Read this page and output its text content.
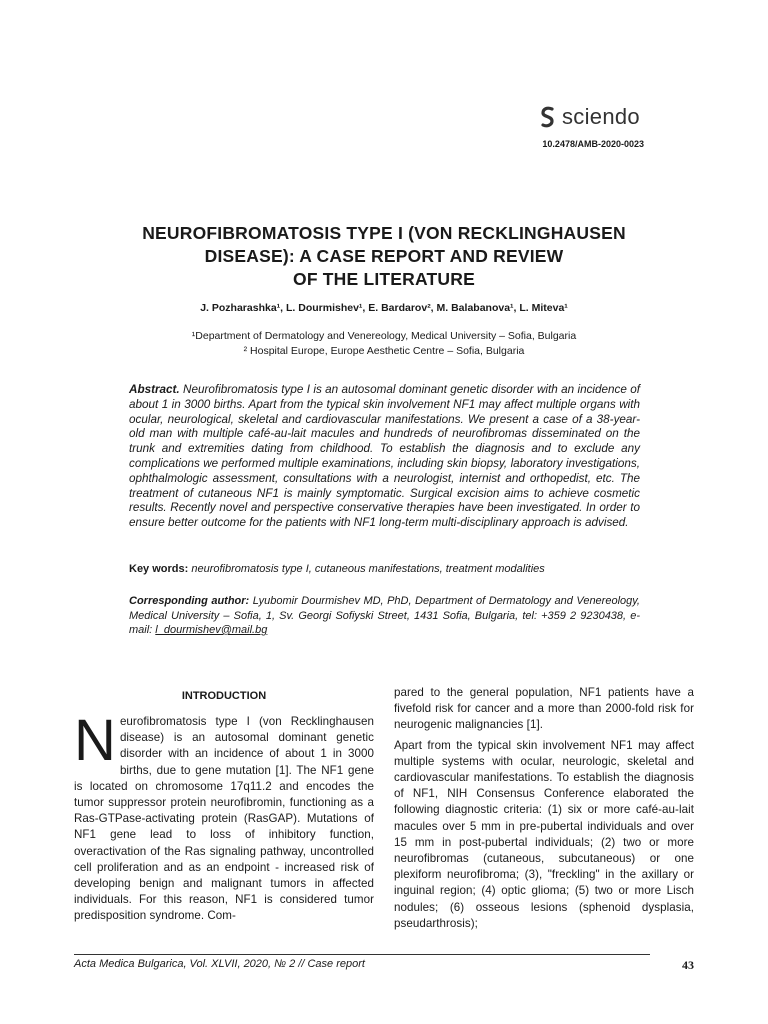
sciendo
10.2478/AMB-2020-0023
NEUROFIBROMATOSIS TYPE I (VON RECKLINGHAUSEN
DISEASE): A CASE REPORT AND REVIEW
OF THE LITERATURE
J. Pozharashka¹, L. Dourmishev¹, E. Bardarov², M. Balabanova¹, L. Miteva¹
¹Department of Dermatology and Venereology, Medical University – Sofia, Bulgaria
² Hospital Europe, Europe Aesthetic Centre – Sofia, Bulgaria
Abstract. Neurofibromatosis type I is an autosomal dominant genetic disorder with an incidence of about 1 in 3000 births. Apart from the typical skin involvement NF1 may affect multiple organs with ocular, neurological, skeletal and cardiovascular manifestations. We present a case of a 38-year-old man with multiple café-au-lait macules and hundreds of neurofibromas disseminated on the trunk and extremities dating from childhood. To establish the diagnosis and to exclude any complications we performed multiple examinations, including skin biopsy, laboratory investigations, ophthalmologic assessment, consultations with a neurologist, internist and orthopedist, etc. The treatment of cutaneous NF1 is mainly symptomatic. Surgical excision aims to achieve cosmetic results. Recently novel and perspective conservative therapies have been investigated. In order to ensure better outcome for the patients with NF1 long-term multi-disciplinary approach is advised.
Key words: neurofibromatosis type I, cutaneous manifestations, treatment modalities
Corresponding author: Lyubomir Dourmishev MD, PhD, Department of Dermatology and Venereology, Medical University – Sofia, 1, Sv. Georgi Sofiyski Street, 1431 Sofia, Bulgaria, tel: +359 2 9230438, e-mail: l_dourmishev@mail.bg
INTRODUCTION
N eurofibromatosis type I (von Recklinghausen disease) is an autosomal dominant genetic disorder with an incidence of about 1 in 3000 births, due to gene mutation [1]. The NF1 gene is located on chromosome 17q11.2 and encodes the tumor suppressor protein neurofibromin, functioning as a Ras-GTPase-activating protein (RasGAP). Mutations of NF1 gene lead to loss of inhibitory function, overactivation of the Ras signaling pathway, uncontrolled cell proliferation and as an endpoint - increased risk of developing benign and malignant tumors in affected individuals. For this reason, NF1 is considered tumor predisposition syndrome. Com-

pared to the general population, NF1 patients have a fivefold risk for cancer and a more than 2000-fold risk for neurogenic malignancies [1].

Apart from the typical skin involvement NF1 may affect multiple systems with ocular, neurologic, skeletal and cardiovascular manifestations. To establish the diagnosis of NF1, NIH Consensus Conference elaborated the following diagnostic criteria: (1) six or more café-au-lait macules over 5 mm in pre-pubertal individuals and over 15 mm in post-pubertal individuals; (2) two or more neurofibromas (cutaneous, subcutaneous) or one plexiform neurofibroma; (3), "freckling" in the axillary or inguinal region; (4) optic glioma; (5) two or more Lisch nodules; (6) osseous lesions (sphenoid dysplasia, pseudarthrosis);

Acta Medica Bulgarica, Vol. XLVII, 2020, № 2 // Case report	43
